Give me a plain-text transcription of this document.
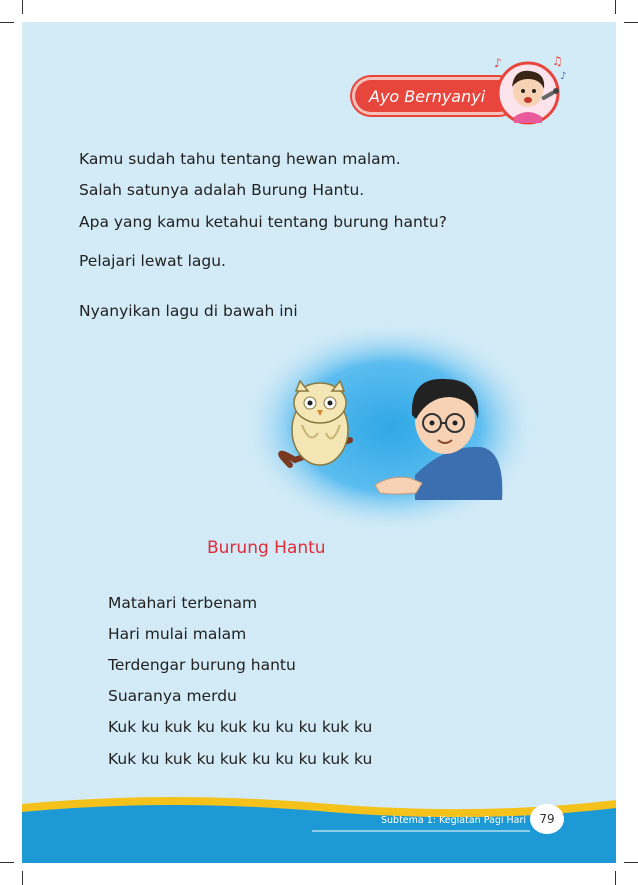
Ayo Bernyanyi
♪	♫
♪
Kamu sudah tahu tentang hewan malam.
Salah satunya adalah Burung Hantu.
Apa yang kamu ketahui tentang burung hantu?
Pelajari lewat lagu.
Nyanyikan lagu di bawah ini
Burung Hantu
Matahari terbenam
Hari mulai malam
Terdengar burung hantu
Suaranya merdu
Kuk ku kuk ku kuk ku ku ku kuk ku
Kuk ku kuk ku kuk ku ku ku kuk ku
Subtema 1: Kegiatan Pagi Hari	79
